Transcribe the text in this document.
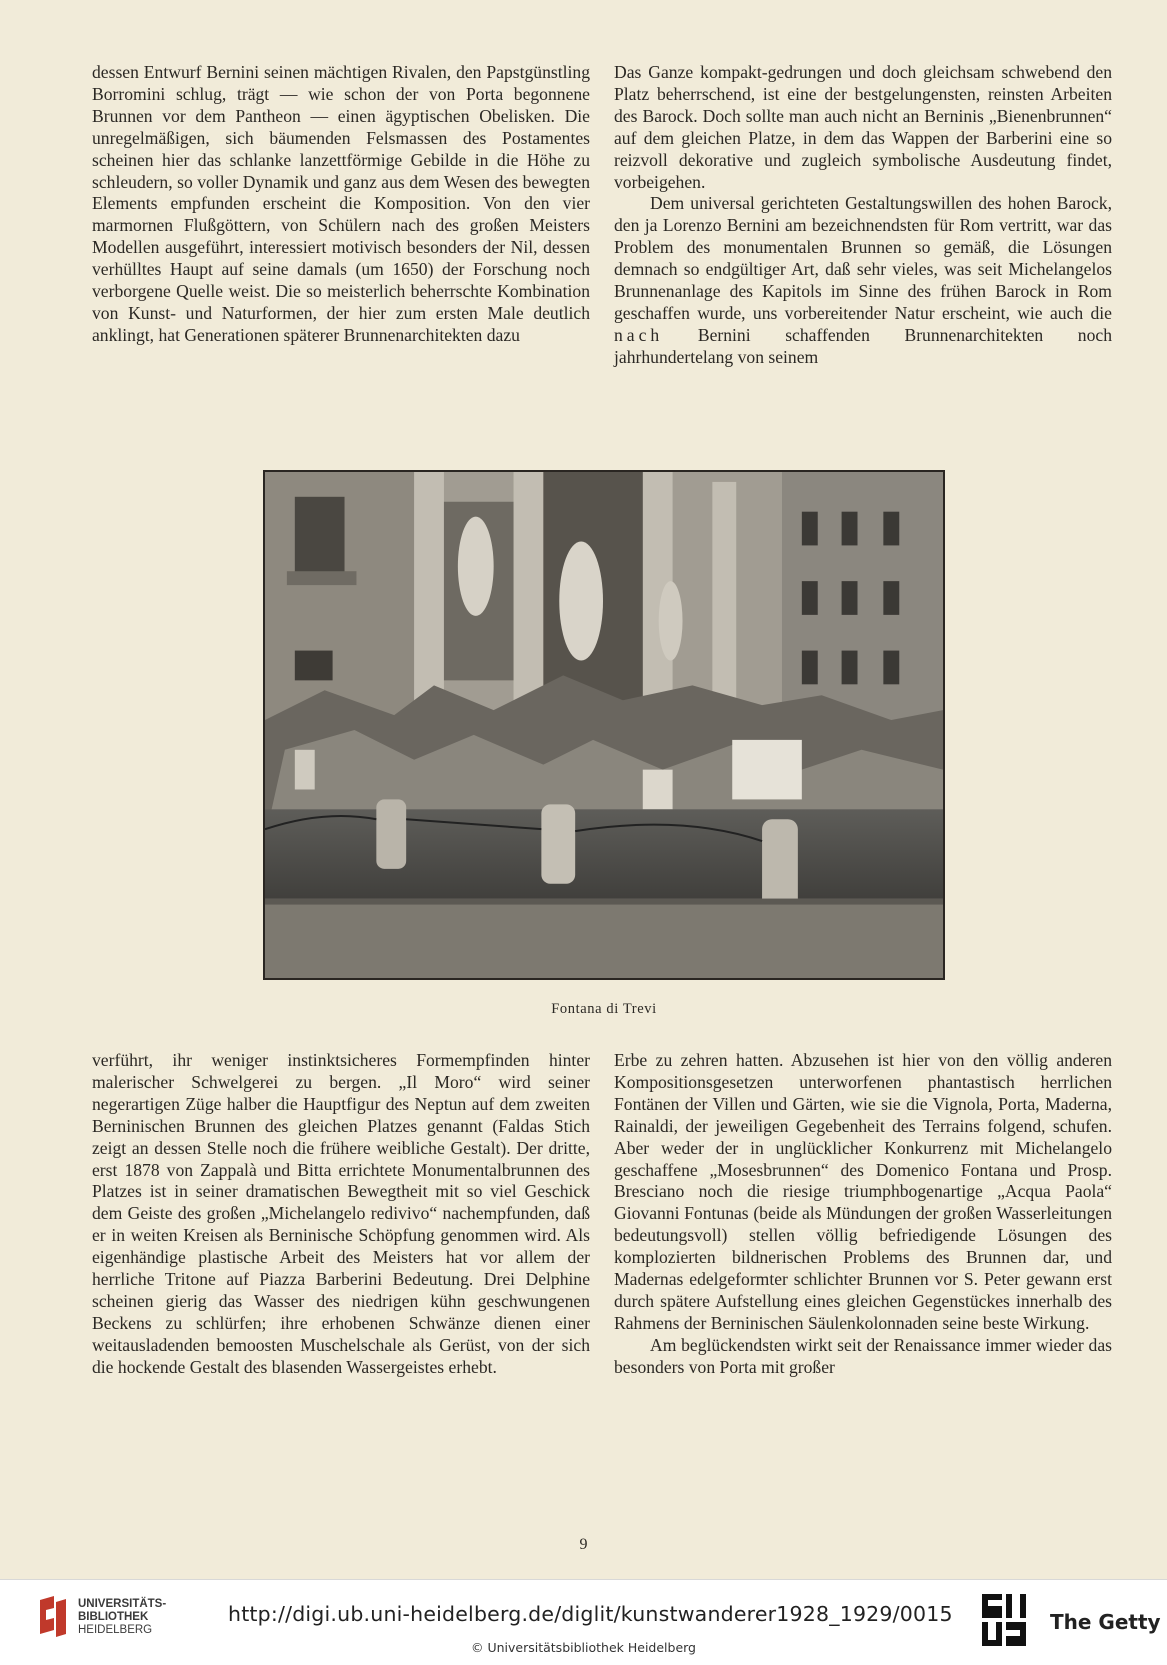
dessen Entwurf Bernini seinen mächtigen Rivalen, den Papstgünstling Borromini schlug, trägt — wie schon der von Porta begonnene Brunnen vor dem Pantheon — einen ägyptischen Obelisken. Die unregelmäßigen, sich bäumenden Felsmassen des Postamentes scheinen hier das schlanke lanzettförmige Gebilde in die Höhe zu schleudern, so voller Dynamik und ganz aus dem Wesen des bewegten Elements empfunden erscheint die Komposition. Von den vier marmornen Flußgöttern, von Schülern nach des großen Meisters Modellen ausgeführt, interessiert motivisch besonders der Nil, dessen verhülltes Haupt auf seine damals (um 1650) der Forschung noch verborgene Quelle weist. Die so meisterlich beherrschte Kombination von Kunst- und Naturformen, der hier zum ersten Male deutlich anklingt, hat Generationen späterer Brunnenarchitekten dazu

Das Ganze kompakt-gedrungen und doch gleichsam schwebend den Platz beherrschend, ist eine der bestgelungensten, reinsten Arbeiten des Barock. Doch sollte man auch nicht an Berninis „Bienenbrunnen“ auf dem gleichen Platze, in dem das Wappen der Barberini eine so reizvoll dekorative und zugleich symbolische Ausdeutung findet, vorbeigehen.

Dem universal gerichteten Gestaltungswillen des hohen Barock, den ja Lorenzo Bernini am bezeichnendsten für Rom vertritt, war das Problem des monumentalen Brunnen so gemäß, die Lösungen demnach so endgültiger Art, daß sehr vieles, was seit Michelangelos Brunnenanlage des Kapitols im Sinne des frühen Barock in Rom geschaffen wurde, uns vorbereitender Natur erscheint, wie auch die nach Bernini schaffenden Brunnenarchitekten noch jahrhundertelang von seinem

Fontana di Trevi

verführt, ihr weniger instinktsicheres Formempfinden hinter malerischer Schwelgerei zu bergen. „Il Moro“ wird seiner negerartigen Züge halber die Hauptfigur des Neptun auf dem zweiten Berninischen Brunnen des gleichen Platzes genannt (Faldas Stich zeigt an dessen Stelle noch die frühere weibliche Gestalt). Der dritte, erst 1878 von Zappalà und Bitta errichtete Monumentalbrunnen des Platzes ist in seiner dramatischen Bewegtheit mit so viel Geschick dem Geiste des großen „Michelangelo redivivo“ nachempfunden, daß er in weiten Kreisen als Berninische Schöpfung genommen wird. Als eigenhändige plastische Arbeit des Meisters hat vor allem der herrliche Tritone auf Piazza Barberini Bedeutung. Drei Delphine scheinen gierig das Wasser des niedrigen kühn geschwungenen Beckens zu schlürfen; ihre erhobenen Schwänze dienen einer weitausladenden bemoosten Muschelschale als Gerüst, von der sich die hockende Gestalt des blasenden Wassergeistes erhebt.

Erbe zu zehren hatten. Abzusehen ist hier von den völlig anderen Kompositionsgesetzen unterworfenen phantastisch herrlichen Fontänen der Villen und Gärten, wie sie die Vignola, Porta, Maderna, Rainaldi, der jeweiligen Gegebenheit des Terrains folgend, schufen. Aber weder der in unglücklicher Konkurrenz mit Michelangelo geschaffene „Mosesbrunnen“ des Domenico Fontana und Prosp. Bresciano noch die riesige triumphbogenartige „Acqua Paola“ Giovanni Fontunas (beide als Mündungen der großen Wasserleitungen bedeutungsvoll) stellen völlig befriedigende Lösungen des komplozierten bildnerischen Problems des Brunnen dar, und Madernas edelgeformter schlichter Brunnen vor S. Peter gewann erst durch spätere Aufstellung eines gleichen Gegenstückes innerhalb des Rahmens der Berninischen Säulenkolonnaden seine beste Wirkung.

Am beglückendsten wirkt seit der Renaissance immer wieder das besonders von Porta mit großer

9
UNIVERSITÄTS-
BIBLIOTHEK
HEIDELBERG
http://digi.ub.uni-heidelberg.de/diglit/kunstwanderer1928_1929/0015
© Universitätsbibliothek Heidelberg
The Getty
